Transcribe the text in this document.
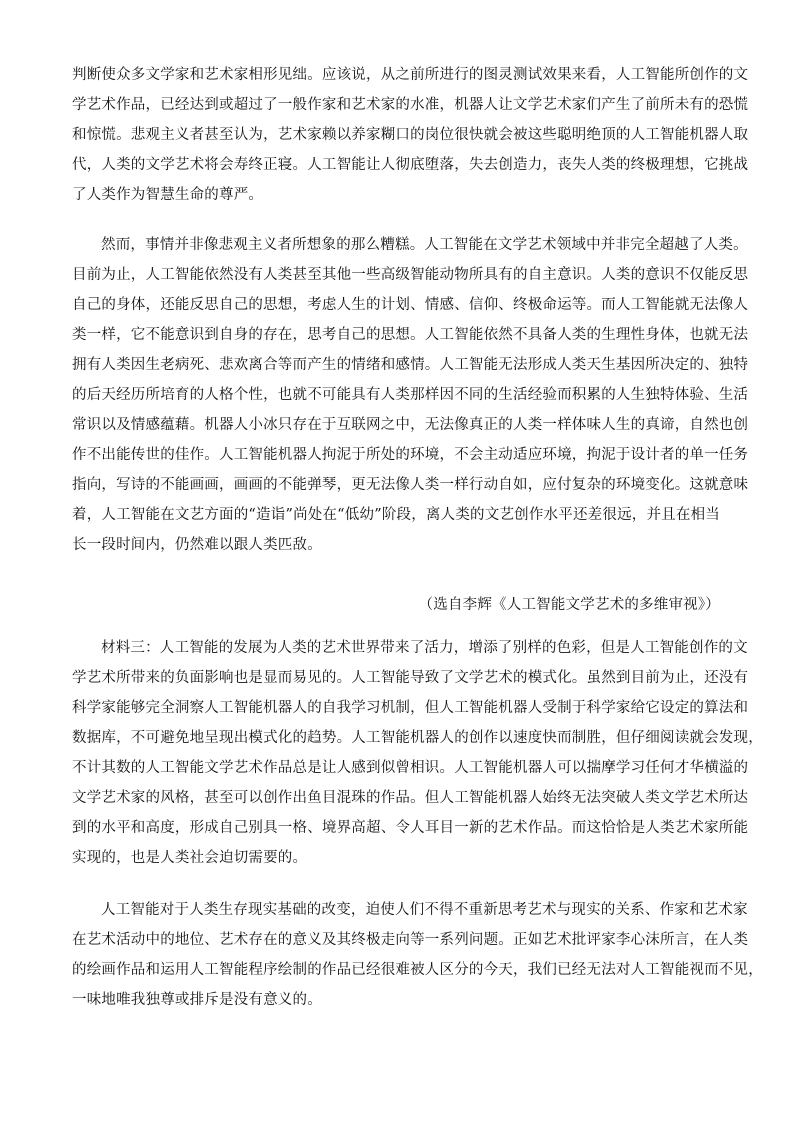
判断使众多文学家和艺术家相形见绌。应该说，从之前所进行的图灵测试效果来看，人工智能所创作的文
学艺术作品，已经达到或超过了一般作家和艺术家的水准，机器人让文学艺术家们产生了前所未有的恐慌
和惊慌。悲观主义者甚至认为，艺术家赖以养家糊口的岗位很快就会被这些聪明绝顶的人工智能机器人取
代，人类的文学艺术将会寿终正寝。人工智能让人彻底堕落，失去创造力，丧失人类的终极理想，它挑战
了人类作为智慧生命的尊严。
然而，事情并非像悲观主义者所想象的那么糟糕。人工智能在文学艺术领域中并非完全超越了人类。
目前为止，人工智能依然没有人类甚至其他一些高级智能动物所具有的自主意识。人类的意识不仅能反思
自己的身体，还能反思自己的思想，考虑人生的计划、情感、信仰、终极命运等。而人工智能就无法像人
类一样，它不能意识到自身的存在，思考自己的思想。人工智能依然不具备人类的生理性身体，也就无法
拥有人类因生老病死、悲欢离合等而产生的情绪和感情。人工智能无法形成人类天生基因所决定的、独特
的后天经历所培育的人格个性，也就不可能具有人类那样因不同的生活经验而积累的人生独特体验、生活
常识以及情感蕴藉。机器人小冰只存在于互联网之中，无法像真正的人类一样体味人生的真谛，自然也创
作不出能传世的佳作。人工智能机器人拘泥于所处的环境，不会主动适应环境，拘泥于设计者的单一任务
指向，写诗的不能画画，画画的不能弹琴，更无法像人类一样行动自如，应付复杂的环境变化。这就意味
着，人工智能在文艺方面的“造诣”尚处在“低幼”阶段，离人类的文艺创作水平还差很远，并且在相当
长一段时间内，仍然难以跟人类匹敌。
（选自李辉《人工智能文学艺术的多维审视》）
材料三：人工智能的发展为人类的艺术世界带来了活力，增添了别样的色彩，但是人工智能创作的文
学艺术所带来的负面影响也是显而易见的。人工智能导致了文学艺术的模式化。虽然到目前为止，还没有
科学家能够完全洞察人工智能机器人的自我学习机制，但人工智能机器人受制于科学家给它设定的算法和
数据库，不可避免地呈现出模式化的趋势。人工智能机器人的创作以速度快而制胜，但仔细阅读就会发现，
不计其数的人工智能文学艺术作品总是让人感到似曾相识。人工智能机器人可以揣摩学习任何才华横溢的
文学艺术家的风格，甚至可以创作出鱼目混珠的作品。但人工智能机器人始终无法突破人类文学艺术所达
到的水平和高度，形成自己别具一格、境界高超、令人耳目一新的艺术作品。而这恰恰是人类艺术家所能
实现的，也是人类社会迫切需要的。
人工智能对于人类生存现实基础的改变，迫使人们不得不重新思考艺术与现实的关系、作家和艺术家
在艺术活动中的地位、艺术存在的意义及其终极走向等一系列问题。正如艺术批评家李心沫所言，在人类
的绘画作品和运用人工智能程序绘制的作品已经很难被人区分的今天，我们已经无法对人工智能视而不见，
一味地唯我独尊或排斥是没有意义的。
